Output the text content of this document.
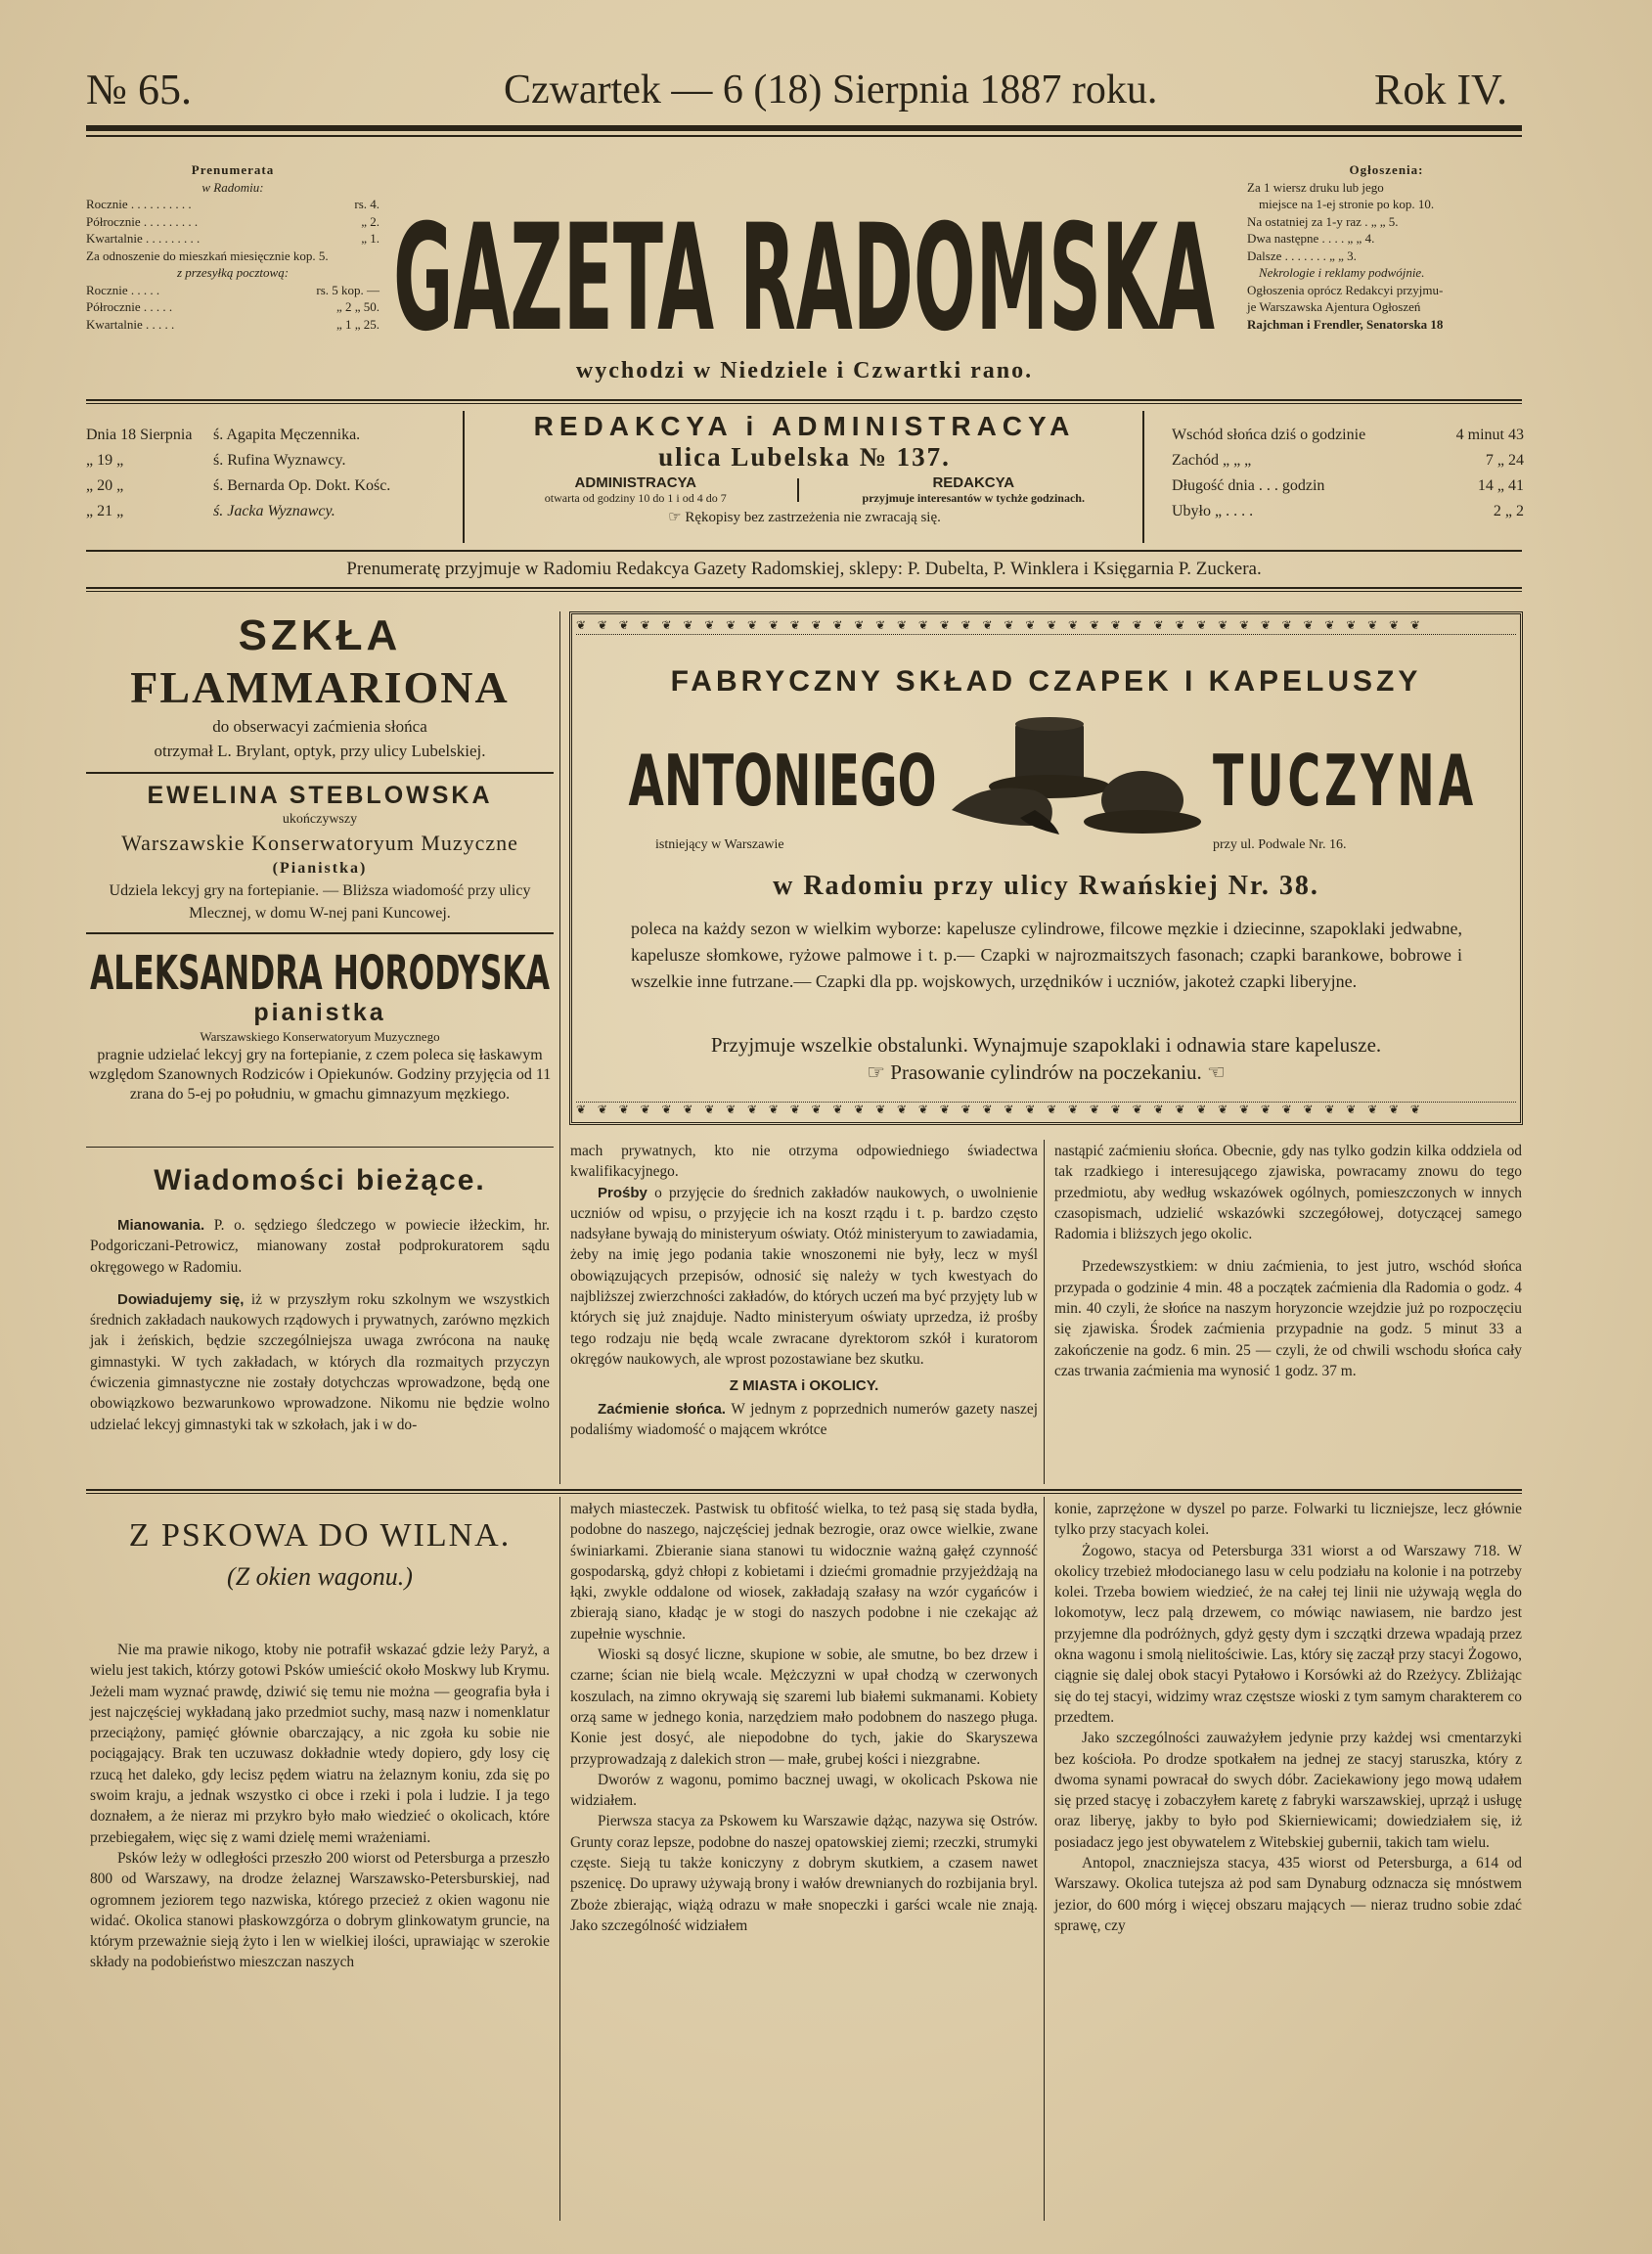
№ 65.	Czwartek — 6 (18) Sierpnia 1887 roku.	Rok IV.
Prenumerata
w Radomiu:
Rocznie . . . . . . . . . .	rs. 4.
Półrocznie . . . . . . . . .	„ 2.
Kwartalnie . . . . . . . . .	„ 1.
Za odnoszenie do mieszkań miesięcznie kop. 5.
z przesyłką pocztową:
Rocznie . . . . .	rs. 5 kop. —
Półrocznie . . . . .	„ 2 „ 50.
Kwartalnie . . . . .	„ 1 „ 25. GAZETA RADOMSKA
wychodzi w Niedziele i Czwartki rano.
Ogłoszenia:
Za 1 wiersz druku lub jego
miejsce na 1-ej stronie po kop. 10.
Na ostatniej za 1-y raz . „ „ 5.
Dwa następne . . . . „ „ 4.
Dalsze . . . . . . . „ „ 3.
Nekrologie i reklamy podwójnie.
Ogłoszenia oprócz Redakcyi przyjmu-
je Warszawska Ajentura Ogłoszeń
Rajchman i Frendler, Senatorska 18
Dnia 18 Sierpnia ś. Agapita Męczennika.
„ 19 „	ś. Rufina Wyznawcy.
„ 20 „	ś. Bernarda Op. Dokt. Kośc.
„ 21 „	ś. Jacka Wyznawcy.
REDAKCYA i ADMINISTRACYA
ulica Lubelska № 137.
ADMINISTRACYA
otwarta od godziny 10 do 1 i od 4 do 7
REDAKCYA
przyjmuje interesantów w tychże godzinach.
☞ Rękopisy bez zastrzeżenia nie zwracają się.
Wschód słońca dziś o godzinie	4 minut 43
Zachód „ „ „	7 „ 24
Długość dnia . . . godzin	14 „ 41
Ubyło „ . . . .	2 „ 2
Prenumeratę przyjmuje w Radomiu Redakcya Gazety Radomskiej, sklepy: P. Dubelta, P. Winklera i Księgarnia P. Zuckera.
SZKŁA
FLAMMARIONA
do obserwacyi zaćmienia słońca
otrzymał L. Brylant, optyk, przy ulicy Lubelskiej.
EWELINA STEBLOWSKA
ukończywszy
Warszawskie Konserwatoryum Muzyczne
(Pianistka)
Udziela lekcyj gry na fortepianie. — Bliższa wiadomość przy ulicy Mlecznej, w domu W-nej pani Kuncowej.
ALEKSANDRA HORODYSKA
pianistka
Warszawskiego Konserwatoryum Muzycznego
pragnie udzielać lekcyj gry na fortepianie, z czem poleca się łaskawym względom Szanownych Rodziców i Opiekunów. Godziny przyjęcia od 11 zrana do 5-ej po południu, w gmachu gimnazyum męzkiego.
❦ ❦ ❦ ❦ ❦ ❦ ❦ ❦ ❦ ❦ ❦ ❦ ❦ ❦ ❦ ❦ ❦ ❦ ❦ ❦ ❦ ❦ ❦ ❦ ❦ ❦ ❦ ❦ ❦ ❦ ❦ ❦ ❦ ❦ ❦ ❦ ❦ ❦ ❦ ❦
FABRYCZNY SKŁAD CZAPEK I KAPELUSZY
ANTONIEGO	TUCZYNA
istniejący w Warszawie	przy ul. Podwale Nr. 16.
w Radomiu przy ulicy Rwańskiej Nr. 38.
poleca na każdy sezon w wielkim wyborze: kapelusze cylindrowe, filcowe męzkie i dziecinne, szapoklaki jedwabne, kapelusze słomkowe, ryżowe palmowe i t. p.— Czapki w najrozmaitszych fasonach; czapki barankowe, bobrowe i wszelkie inne futrzane.— Czapki dla pp. wojskowych, urzędników i uczniów, jakoteż czapki liberyjne.
Przyjmuje wszelkie obstalunki. Wynajmuje szapoklaki i odnawia stare kapelusze.
☞ Prasowanie cylindrów na poczekaniu. ☜
❦ ❦ ❦ ❦ ❦ ❦ ❦ ❦ ❦ ❦ ❦ ❦ ❦ ❦ ❦ ❦ ❦ ❦ ❦ ❦ ❦ ❦ ❦ ❦ ❦ ❦ ❦ ❦ ❦ ❦ ❦ ❦ ❦ ❦ ❦ ❦ ❦ ❦ ❦ ❦
Wiadomości bieżące.

Mianowania. P. o. sędziego śledczego w powiecie iłżeckim, hr. Podgoriczani-Petrowicz, mianowany został podprokuratorem sądu okręgowego w Radomiu.

Dowiadujemy się, iż w przyszłym roku szkolnym we wszystkich średnich zakładach naukowych rządowych i prywatnych, zarówno męzkich jak i żeńskich, będzie szczególniejsza uwaga zwrócona na naukę gimnastyki. W tych zakładach, w których dla rozmaitych przyczyn ćwiczenia gimnastyczne nie zostały dotychczas wprowadzone, będą one obowiązkowo bezwarunkowo wprowadzone. Nikomu nie będzie wolno udzielać lekcyj gimnastyki tak w szkołach, jak i w do-

mach prywatnych, kto nie otrzyma odpowiedniego świadectwa kwalifikacyjnego.

Prośby o przyjęcie do średnich zakładów naukowych, o uwolnienie uczniów od wpisu, o przyjęcie ich na koszt rządu i t. p. bardzo często nadsyłane bywają do ministeryum oświaty. Otóż ministeryum to zawiadamia, żeby na imię jego podania takie wnoszonemi nie były, lecz w myśl obowiązujących przepisów, odnosić się należy w tych kwestyach do najbliższej zwierzchności zakładów, do których uczeń ma być przyjęty lub w których się już znajduje. Nadto ministeryum oświaty uprzedza, iż prośby tego rodzaju nie będą wcale zwracane dyrektorom szkół i kuratorom okręgów naukowych, ale wprost pozostawiane bez skutku.

Z MIASTA i OKOLICY.

Zaćmienie słońca. W jednym z poprzednich numerów gazety naszej podaliśmy wiadomość o mającem wkrótce

nastąpić zaćmieniu słońca. Obecnie, gdy nas tylko godzin kilka oddziela od tak rzadkiego i interesującego zjawiska, powracamy znowu do tego przedmiotu, aby według wskazówek ogólnych, pomieszczonych w innych czasopismach, udzielić wskazówki szczegółowej, dotyczącej samego Radomia i bliższych jego okolic.

Przedewszystkiem: w dniu zaćmienia, to jest jutro, wschód słońca przypada o godzinie 4 min. 48 a początek zaćmienia dla Radomia o godz. 4 min. 40 czyli, że słońce na naszym horyzoncie wzejdzie już po rozpoczęciu się zjawiska. Środek zaćmienia przypadnie na godz. 5 minut 33 a zakończenie na godz. 6 min. 25 — czyli, że od chwili wschodu słońca cały czas trwania zaćmienia ma wynosić 1 godz. 37 m.

Z PSKOWA DO WILNA.
(Z okien wagonu.)

Nie ma prawie nikogo, ktoby nie potrafił wskazać gdzie leży Paryż, a wielu jest takich, którzy gotowi Psków umieścić około Moskwy lub Krymu. Jeżeli mam wyznać prawdę, dziwić się temu nie można — geografia była i jest najczęściej wykładaną jako przedmiot suchy, masą nazw i nomenklatur przeciążony, pamięć głównie obarczający, a nic zgoła ku sobie nie pociągający. Brak ten uczuwasz dokładnie wtedy dopiero, gdy losy cię rzucą het daleko, gdy lecisz pędem wiatru na żelaznym koniu, zda się po swoim kraju, a jednak wszystko ci obce i rzeki i pola i ludzie. I ja tego doznałem, a że nieraz mi przykro było mało wiedzieć o okolicach, które przebiegałem, więc się z wami dzielę memi wrażeniami.

Psków leży w odległości przeszło 200 wiorst od Petersburga a przeszło 800 od Warszawy, na drodze żelaznej Warszawsko-Petersburskiej, nad ogromnem jeziorem tego nazwiska, którego przecież z okien wagonu nie widać. Okolica stanowi płaskowzgórza o dobrym glinkowatym gruncie, na którym przeważnie sieją żyto i len w wielkiej ilości, uprawiając w szerokie składy na podobieństwo mieszczan naszych

małych miasteczek. Pastwisk tu obfitość wielka, to też pasą się stada bydła, podobne do naszego, najczęściej jednak bezrogie, oraz owce wielkie, zwane świniarkami. Zbieranie siana stanowi tu widocznie ważną gałęź czynność gospodarską, gdyż chłopi z kobietami i dziećmi gromadnie przyjeżdżają na łąki, zwykle oddalone od wiosek, zakładają szałasy na wzór cygańców i zbierają siano, kładąc je w stogi do naszych podobne i nie czekając aż zupełnie wyschnie.

Wioski są dosyć liczne, skupione w sobie, ale smutne, bo bez drzew i czarne; ścian nie bielą wcale. Mężczyzni w upał chodzą w czerwonych koszulach, na zimno okrywają się szaremi lub białemi sukmanami. Kobiety orzą same w jednego konia, narzędziem mało podobnem do naszego pługa. Konie jest dosyć, ale niepodobne do tych, jakie do Skaryszewa przyprowadzają z dalekich stron — małe, grubej kości i niezgrabne.

Dworów z wagonu, pomimo bacznej uwagi, w okolicach Pskowa nie widziałem.

Pierwsza stacya za Pskowem ku Warszawie dążąc, nazywa się Ostrów. Grunty coraz lepsze, podobne do naszej opatowskiej ziemi; rzeczki, strumyki częste. Sieją tu także koniczyny z dobrym skutkiem, a czasem nawet pszenicę. Do uprawy używają brony i wałów drewnianych do rozbijania bryl. Zboże zbierając, wiążą odrazu w małe snopeczki i garści wcale nie znają. Jako szczególność widziałem

konie, zaprzężone w dyszel po parze. Folwarki tu liczniejsze, lecz głównie tylko przy stacyach kolei.

Żogowo, stacya od Petersburga 331 wiorst a od Warszawy 718. W okolicy trzebież młodocianego lasu w celu podziału na kolonie i na potrzeby kolei. Trzeba bowiem wiedzieć, że na całej tej linii nie używają węgla do lokomotyw, lecz palą drzewem, co mówiąc nawiasem, nie bardzo jest przyjemne dla podróżnych, gdyż gęsty dym i szczątki drzewa wpadają przez okna wagonu i smolą nielitościwie. Las, który się zaczął przy stacyi Żogowo, ciągnie się dalej obok stacyi Pytałowo i Korsówki aż do Rzeżycy. Zbliżając się do tej stacyi, widzimy wraz częstsze wioski z tym samym charakterem co przedtem.

Jako szczególności zauważyłem jedynie przy każdej wsi cmentarzyki bez kościoła. Po drodze spotkałem na jednej ze stacyj staruszka, który z dwoma synami powracał do swych dóbr. Zaciekawiony jego mową udałem się przed stacyę i zobaczyłem karetę z fabryki warszawskiej, uprząż i usługę oraz liberyę, jakby to było pod Skierniewicami; dowiedziałem się, iż posiadacz jego jest obywatelem z Witebskiej gubernii, takich tam wielu.

Antopol, znaczniejsza stacya, 435 wiorst od Petersburga, a 614 od Warszawy. Okolica tutejsza aż pod sam Dynaburg odznacza się mnóstwem jezior, do 600 mórg i więcej obszaru mających — nieraz trudno sobie zdać sprawę, czy
